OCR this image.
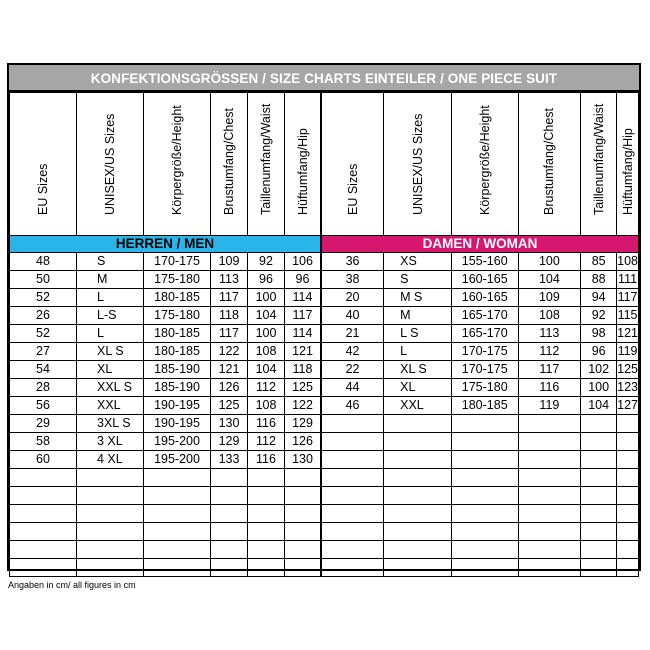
KONFEKTIONSGRÖSSEN / SIZE CHARTS EINTEILER / ONE PIECE SUIT
EU Sizes	UNISEX/US Sizes	Körpergröße/Height	Brustumfang/Chest	Taillenumfang/Waist	Hüftumfang/Hip

HERREN / MEN					
48	S	170-175	109	92	106
50	M	175-180	113	96	96
52	L	180-185	117	100	114
26	L-S	175-180	118	104	117
52	L	180-185	117	100	114
27	XL S	180-185	122	108	121
54	XL	185-190	121	104	118
28	XXL S	185-190	126	112	125
56	XXL	190-195	125	108	122
29	3XL S	190-195	130	116	129
58	3 XL	195-200	129	112	126
60	4 XL	195-200	133	116	130

EU Sizes	UNISEX/US Sizes	Körpergröße/Height	Brustumfang/Chest	Taillenumfang/Waist	Hüftumfang/Hip

DAMEN / WOMAN					
36	XS	155-160	100	85	108
38	S	160-165	104	88	111
20	M S	160-165	109	94	117
40	M	165-170	108	92	115
21	L S	165-170	113	98	121
42	L	170-175	112	96	119
22	XL S	170-175	117	102	125
44	XL	175-180	116	100	123
46	XXL	180-185	119	104	127

Angaben in cm/ all figures in cm
